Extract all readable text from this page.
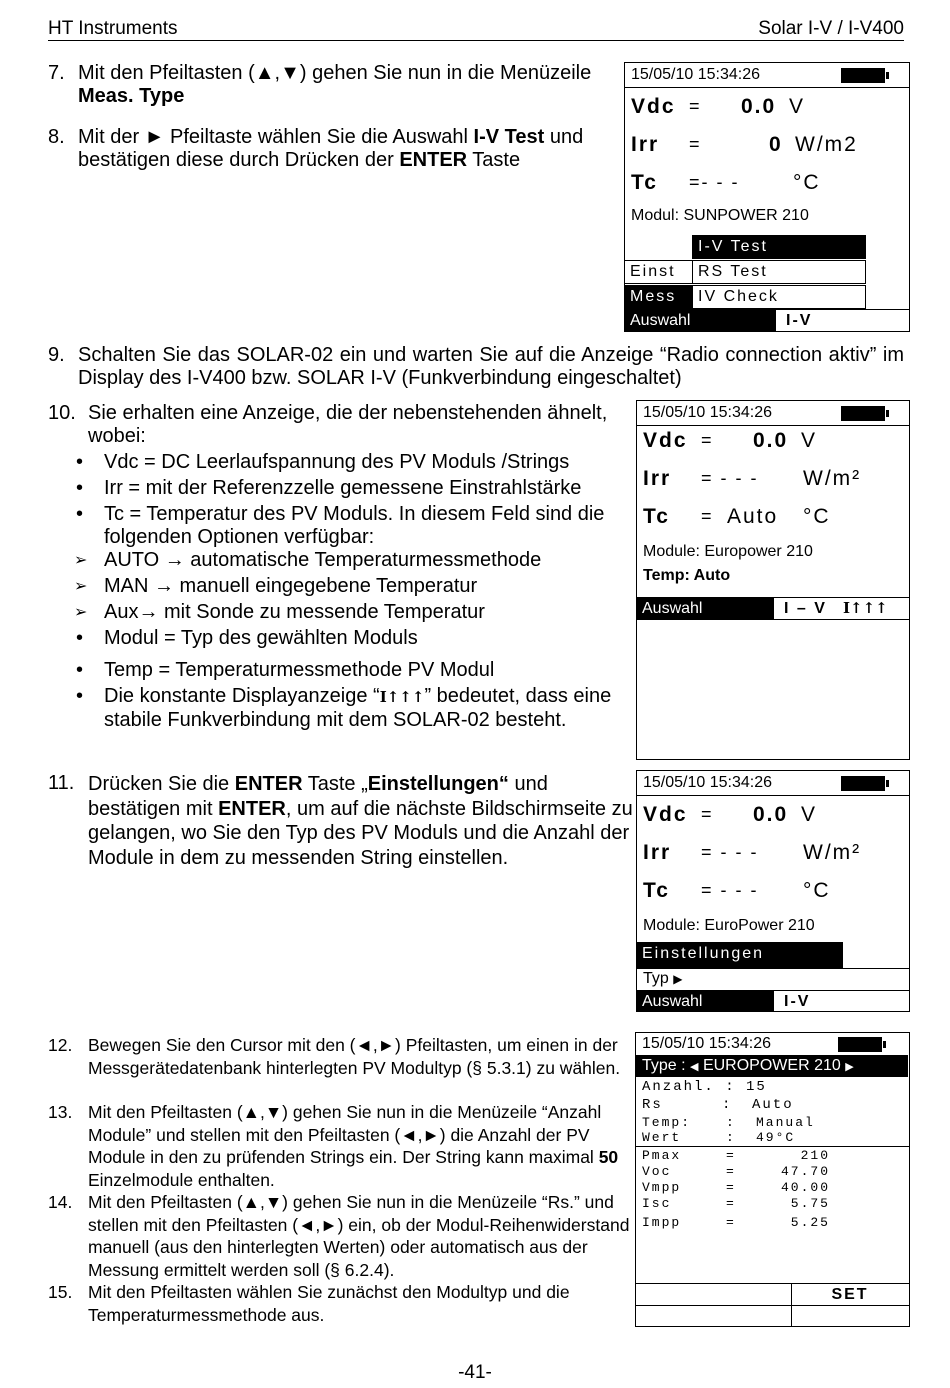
HT Instruments	Solar I-V / I-V400
7. Mit den Pfeiltasten (▲,▼) gehen Sie nun in die Menüzeile Meas. Type
8. Mit der ► Pfeiltaste wählen Sie die Auswahl I-V Test und bestätigen diese durch Drücken der ENTER Taste
15/05/10 15:34:26
Vdc = 0.0 V
Irr =	0 W/m2
Tc =- - -	°C
Modul: SUNPOWER 210
I-V Test
Einst	RS Test
Mess	IV Check
Auswahl	I-V
9. Schalten Sie das SOLAR-02 ein und warten Sie auf die Anzeige “Radio connection aktiv” im Display des I-V400 bzw. SOLAR I-V (Funkverbindung eingeschaltet)
10. Sie erhalten eine Anzeige, die der nebenstehenden ähnelt, wobei:
• Vdc = DC Leerlaufspannung des PV Moduls /Strings
• Irr = mit der Referenzzelle gemessene Einstrahlstärke
• Tc = Temperatur des PV Moduls. In diesem Feld sind die folgenden Optionen verfügbar:
➢ AUTO → automatische Temperaturmessmethode
➢ MAN → manuell eingegebene Temperatur
➢ Aux→ mit Sonde zu messende Temperatur
• Modul = Typ des gewählten Moduls
• Temp = Temperaturmessmethode PV Modul
• Die konstante Displayanzeige “I↑↑↑” bedeutet, dass eine stabile Funkverbindung mit dem SOLAR-02 besteht.
15/05/10 15:34:26
Vdc = 0.0 V
Irr = - - - W/m²
Tc = Auto °C
Module: Europower 210
Temp: Auto
Auswahl	I – V I↑↑↑
11. Drücken Sie die ENTER Taste „Einstellungen“ und bestätigen mit ENTER, um auf die nächste Bildschirmseite zu gelangen, wo Sie den Typ des PV Moduls und die Anzahl der Module in dem zu messenden String einstellen.
15/05/10 15:34:26
Vdc = 0.0 V
Irr = - - - W/m²
Tc = - - - °C
Module: EuroPower 210
Einstellungen
Typ ▶
Auswahl	I-V
12. Bewegen Sie den Cursor mit den (◄,►) Pfeiltasten, um einen in der Messgerätedatenbank hinterlegten PV Modultyp (§ 5.3.1) zu wählen.
13. Mit den Pfeiltasten (▲,▼) gehen Sie nun in die Menüzeile “Anzahl Module” und stellen mit den Pfeiltasten (◄,►) die Anzahl der PV Module in den zu prüfenden Strings ein. Der String kann maximal 50 Einzelmodule enthalten.
14. Mit den Pfeiltasten (▲,▼) gehen Sie nun in die Menüzeile “Rs.” und stellen mit den Pfeiltasten (◄,►) ein, ob der Modul-Reihenwiderstand manuell (aus den hinterlegten Werten) oder automatisch aus der Messung ermittelt werden soll (§ 6.2.4).
15. Mit den Pfeiltasten wählen Sie zunächst den Modultyp und die Temperaturmessmethode aus.
15/05/10 15:34:26
Type : ◀ EUROPOWER 210 ▶
Anzahl. : 15
Rs	: Auto
Temp:	: Manual
Wert	: 49°C
Pmax	=	210
Voc	=	47.70
Vmpp	=	40.00
Isc	=	5.75
Impp	=	5.25
SET
-41-
